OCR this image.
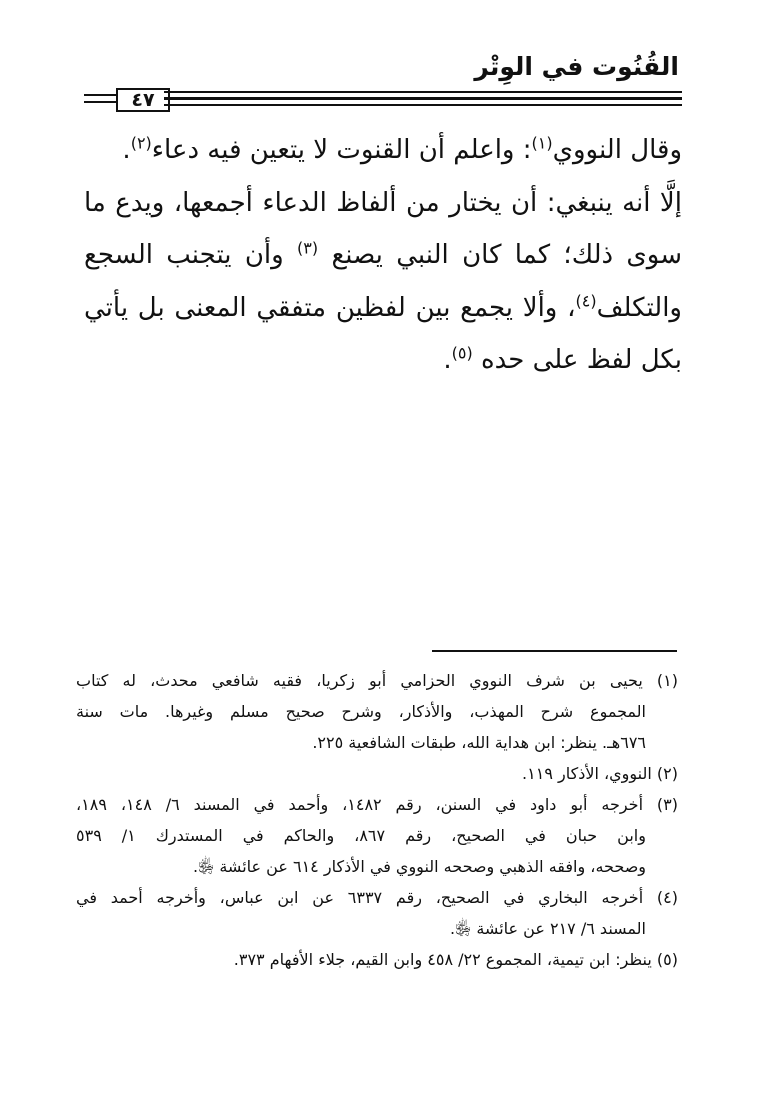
القُنُوت في الوِتْر
٤٧
وقال النووي$^{(١)}$: واعلم أن القنوت لا يتعين فيه دعاء$^{(٢)}$.
إلَّا أنه ينبغي: أن يختار من ألفاظ الدعاء أجمعها، ويدع ما
سوى ذلك؛ كما كان النبي يصنع $^{(٣)}$ وأن يتجنب السجع
والتكلف$^{(٤)}$، وألا يجمع بين لفظين متفقي المعنى بل يأتي
بكل لفظ على حده $^{(٥)}$.
(١) يحيى بن شرف النووي الحزامي أبو زكريا، فقيه شافعي محدث، له كتاب
المجموع شرح المهذب، والأذكار، وشرح صحيح مسلم وغيرها. مات سنة
٦٧٦هـ. ينظر: ابن هداية الله، طبقات الشافعية ٢٢٥.
(٢) النووي، الأذكار ١١٩.
(٣) أخرجه أبو داود في السنن، رقم ١٤٨٢، وأحمد في المسند ٦/ ١٤٨، ١٨٩،
وابن حبان في الصحيح، رقم ٨٦٧، والحاكم في المستدرك ١/ ٥٣٩
وصححه، وافقه الذهبي وصححه النووي في الأذكار ٦١٤ عن عائشة ﵂.
(٤) أخرجه البخاري في الصحيح، رقم ٦٣٣٧ عن ابن عباس، وأخرجه أحمد في
المسند ٦/ ٢١٧ عن عائشة ﵂.
(٥) ينظر: ابن تيمية، المجموع ٢٢/ ٤٥٨ وابن القيم، جلاء الأفهام ٣٧٣.
